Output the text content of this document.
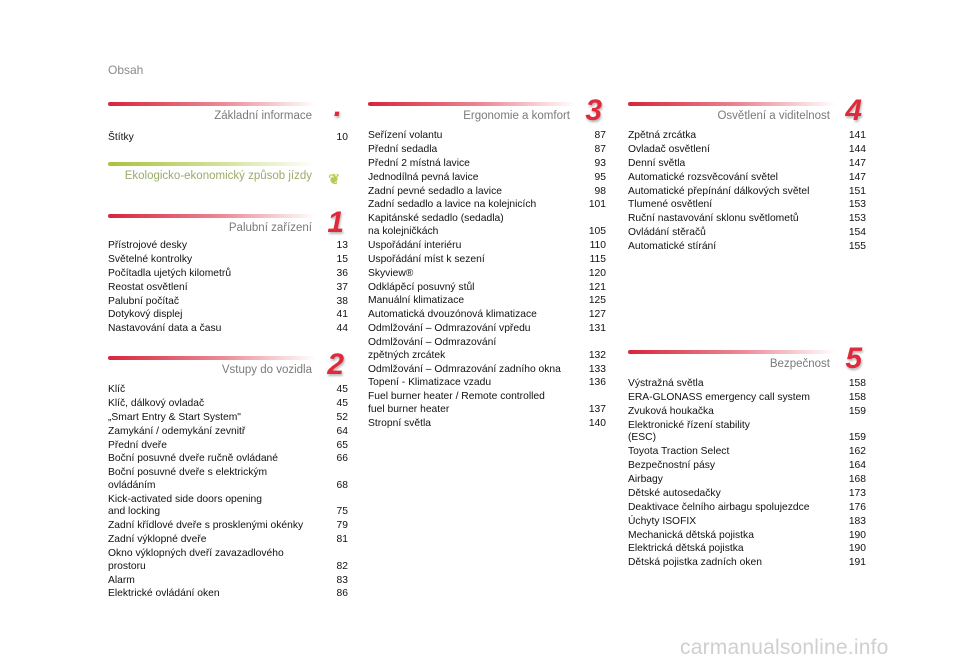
Obsah
Základní informace .
Štítky	10
Ekologicko-ekonomický způsob jízdy ❦
Palubní zařízení 1
Přístrojové desky	13
Světelné kontrolky	15
Počítadla ujetých kilometrů	36
Reostat osvětlení	37
Palubní počítač	38
Dotykový displej	41
Nastavování data a času	44
Vstupy do vozidla 2
Klíč	45
Klíč, dálkový ovladač	45
„Smart Entry & Start System"	52
Zamykání / odemykání zevnitř	64
Přední dveře	65
Boční posuvné dveře ručně ovládané	66
Boční posuvné dveře s elektrickým
ovládáním	68
Kick-activated side doors opening
and locking	75
Zadní křídlové dveře s prosklenými okénky	79
Zadní výklopné dveře	81
Okno výklopných dveří zavazadlového
prostoru	82
Alarm	83
Elektrické ovládání oken	86
Ergonomie a komfort 3
Seřízení volantu	87
Přední sedadla	87
Přední 2 místná lavice	93
Jednodílná pevná lavice	95
Zadní pevné sedadlo a lavice	98
Zadní sedadlo a lavice na kolejnicích	101
Kapitánské sedadlo (sedadla)
na kolejničkách	105
Uspořádání interiéru	110
Uspořádání míst k sezení	115
Skyview®	120
Odklápěcí posuvný stůl	121
Manuální klimatizace	125
Automatická dvouzónová klimatizace	127
Odmlžování – Odmrazování vpředu	131
Odmlžování – Odmrazování
zpětných zrcátek	132
Odmlžování – Odmrazování zadního okna	133
Topení - Klimatizace vzadu	136
Fuel burner heater / Remote controlled
fuel burner heater	137
Stropní světla	140
Osvětlení a viditelnost 4
Zpětná zrcátka	141
Ovladač osvětlení	144
Denní světla	147
Automatické rozsvěcování světel	147
Automatické přepínání dálkových světel	151
Tlumené osvětlení	153
Ruční nastavování sklonu světlometů	153
Ovládání stěračů	154
Automatické stírání	155
Bezpečnost 5
Výstražná světla	158
ERA-GLONASS emergency call system	158
Zvuková houkačka	159
Elektronické řízení stability
(ESC)	159
Toyota Traction Select	162
Bezpečnostní pásy	164
Airbagy	168
Dětské autosedačky	173
Deaktivace čelního airbagu spolujezdce	176
Úchyty ISOFIX	183
Mechanická dětská pojistka	190
Elektrická dětská pojistka	190
Dětská pojistka zadních oken	191
carmanualsonline.info
